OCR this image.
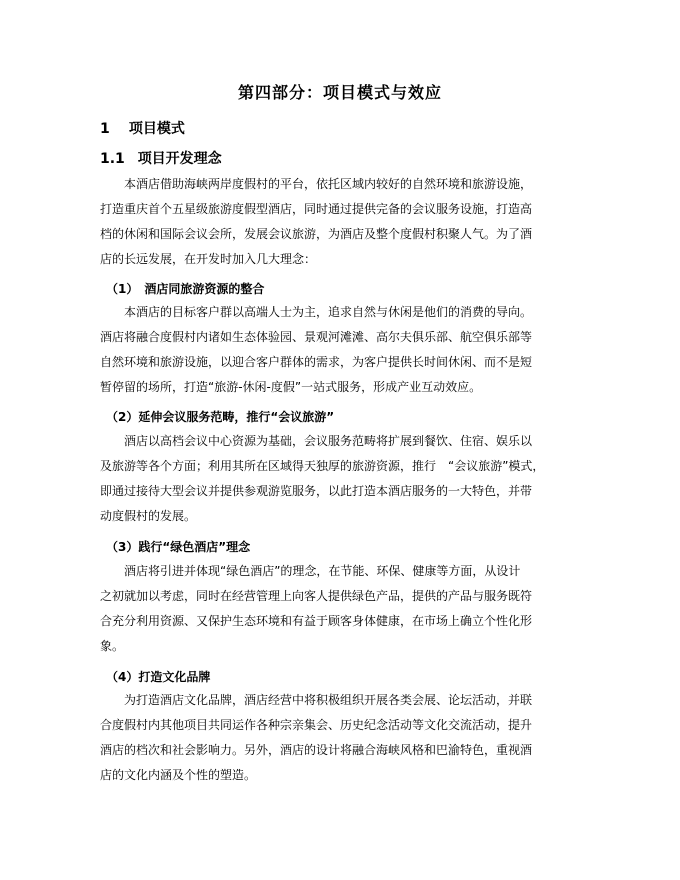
第四部分：项目模式与效应
1 项目模式
1.1 项目开发理念
　　本酒店借助海峡两岸度假村的平台，依托区域内较好的自然环境和旅游设施，
打造重庆首个五星级旅游度假型酒店，同时通过提供完备的会议服务设施，打造高
档的休闲和国际会议会所，发展会议旅游，为酒店及整个度假村积聚人气。为了酒
店的长远发展，在开发时加入几大理念：
（1）　酒店同旅游资源的整合
　　本酒店的目标客户群以高端人士为主，追求自然与休闲是他们的消费的导向。
酒店将融合度假村内诸如生态体验园、景观河滩滩、高尔夫俱乐部、航空俱乐部等
自然环境和旅游设施，以迎合客户群体的需求，为客户提供长时间休闲、而不是短
暂停留的场所，打造“旅游-休闲-度假”一站式服务，形成产业互动效应。
（2）延伸会议服务范畴，推行“会议旅游”
　　酒店以高档会议中心资源为基础，会议服务范畴将扩展到餐饮、住宿、娱乐以
及旅游等各个方面；利用其所在区域得天独厚的旅游资源，推行　“会议旅游”模式，
即通过接待大型会议并提供参观游览服务，以此打造本酒店服务的一大特色，并带
动度假村的发展。
（3）践行“绿色酒店”理念
　　酒店将引进并体现“绿色酒店”的理念，在节能、环保、健康等方面，从设计
之初就加以考虑，同时在经营管理上向客人提供绿色产品，提供的产品与服务既符
合充分利用资源、又保护生态环境和有益于顾客身体健康，在市场上确立个性化形
象。
（4）打造文化品牌
　　为打造酒店文化品牌，酒店经营中将积极组织开展各类会展、论坛活动，并联
合度假村内其他项目共同运作各种宗亲集会、历史纪念活动等文化交流活动，提升
酒店的档次和社会影响力。另外，酒店的设计将融合海峡风格和巴渝特色，重视酒
店的文化内涵及个性的塑造。
